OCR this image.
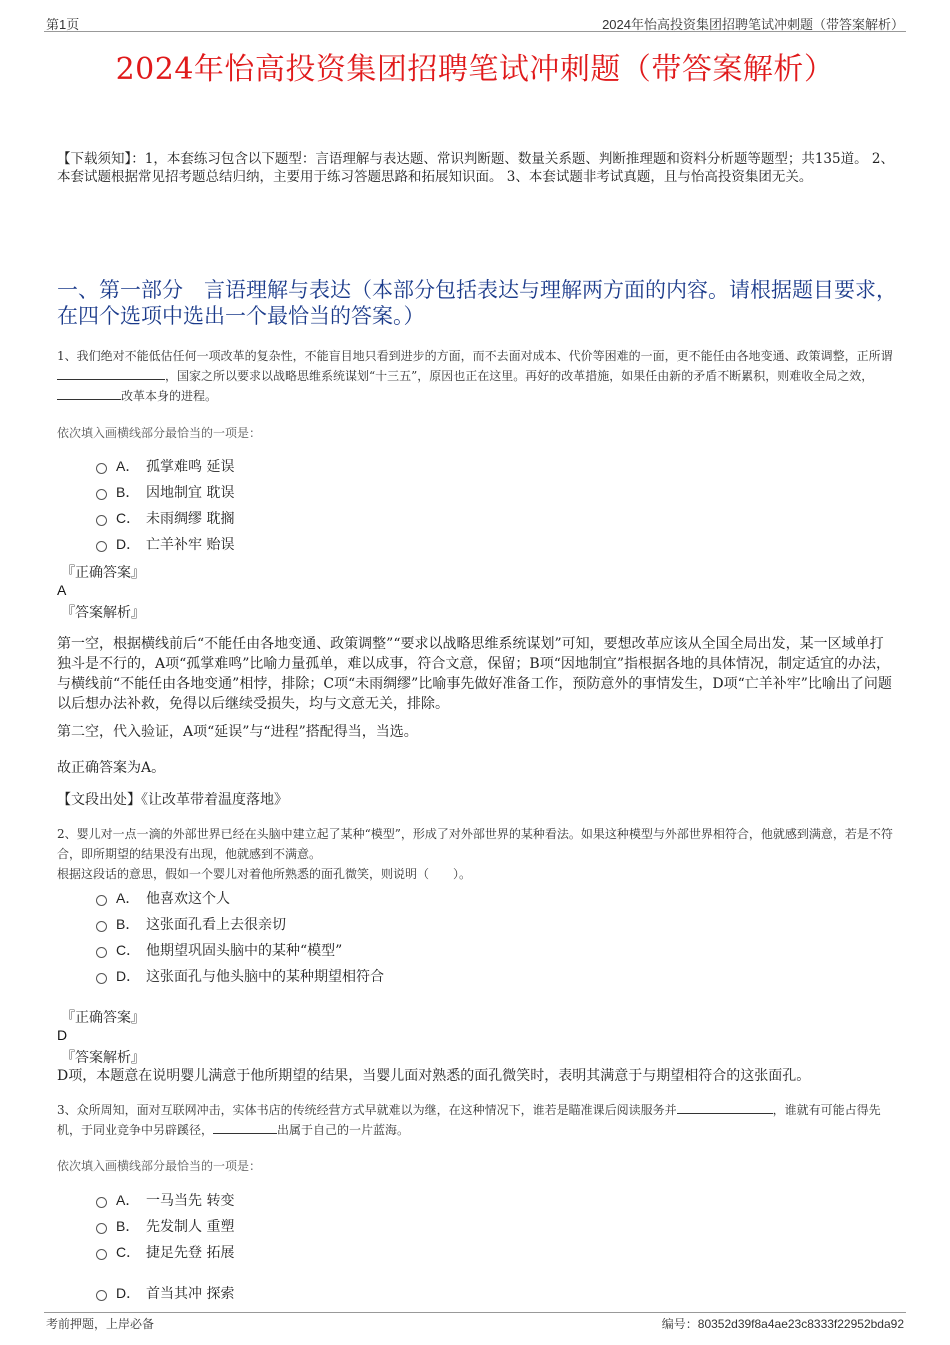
第1页	2024年怡高投资集团招聘笔试冲刺题（带答案解析）
2024年怡高投资集团招聘笔试冲刺题（带答案解析）
【下载须知】：1，本套练习包含以下题型：言语理解与表达题、常识判断题、数量关系题、判断推理题和资料分析题等题型；共135道。 2、本套试题根据常见招考题总结归纳，主要用于练习答题思路和拓展知识面。 3、本套试题非考试真题，且与怡高投资集团无关。
一、第一部分　言语理解与表达（本部分包括表达与理解两方面的内容。请根据题目要求，在四个选项中选出一个最恰当的答案。）
1、我们绝对不能低估任何一项改革的复杂性，不能盲目地只看到进步的方面，而不去面对成本、代价等困难的一面，更不能任由各地变通、政策调整，正所谓，国家之所以要求以战略思维系统谋划“十三五”，原因也正在这里。再好的改革措施，如果任由新的矛盾不断累积，则难收全局之效，改革本身的进程。
依次填入画横线部分最恰当的一项是：
A． 孤掌难鸣 延误
B． 因地制宜 耽误
C． 未雨绸缪 耽搁
D． 亡羊补牢 贻误
『正确答案』
A
『答案解析』
第一空，根据横线前后“不能任由各地变通、政策调整”“要求以战略思维系统谋划”可知，要想改革应该从全国全局出发，某一区域单打独斗是不行的，A项“孤掌难鸣”比喻力量孤单，难以成事，符合文意，保留；B项“因地制宜”指根据各地的具体情况，制定适宜的办法，与横线前“不能任由各地变通”相悖，排除；C项“未雨绸缪”比喻事先做好准备工作，预防意外的事情发生，D项“亡羊补牢”比喻出了问题以后想办法补救，免得以后继续受损失，均与文意无关，排除。
第二空，代入验证，A项“延误”与“进程”搭配得当，当选。
故正确答案为A。
【文段出处】《让改革带着温度落地》
2、婴儿对一点一滴的外部世界已经在头脑中建立起了某种“模型”，形成了对外部世界的某种看法。如果这种模型与外部世界相符合，他就感到满意，若是不符合，即所期望的结果没有出现，他就感到不满意。
根据这段话的意思，假如一个婴儿对着他所熟悉的面孔微笑，则说明（　　）。
A． 他喜欢这个人
B． 这张面孔看上去很亲切
C． 他期望巩固头脑中的某种“模型”
D． 这张面孔与他头脑中的某种期望相符合
『正确答案』
D
『答案解析』
D项，本题意在说明婴儿满意于他所期望的结果，当婴儿面对熟悉的面孔微笑时，表明其满意于与期望相符合的这张面孔。
3、众所周知，面对互联网冲击，实体书店的传统经营方式早就难以为继，在这种情况下，谁若是瞄准课后阅读服务并	，谁就有可能占得先机，于同业竞争中另辟蹊径，	出属于自己的一片蓝海。
依次填入画横线部分最恰当的一项是：
A． 一马当先 转变
B． 先发制人 重塑
C． 捷足先登 拓展
D． 首当其冲 探索
考前押题，上岸必备	编号：80352d39f8a4ae23c8333f22952bda92
